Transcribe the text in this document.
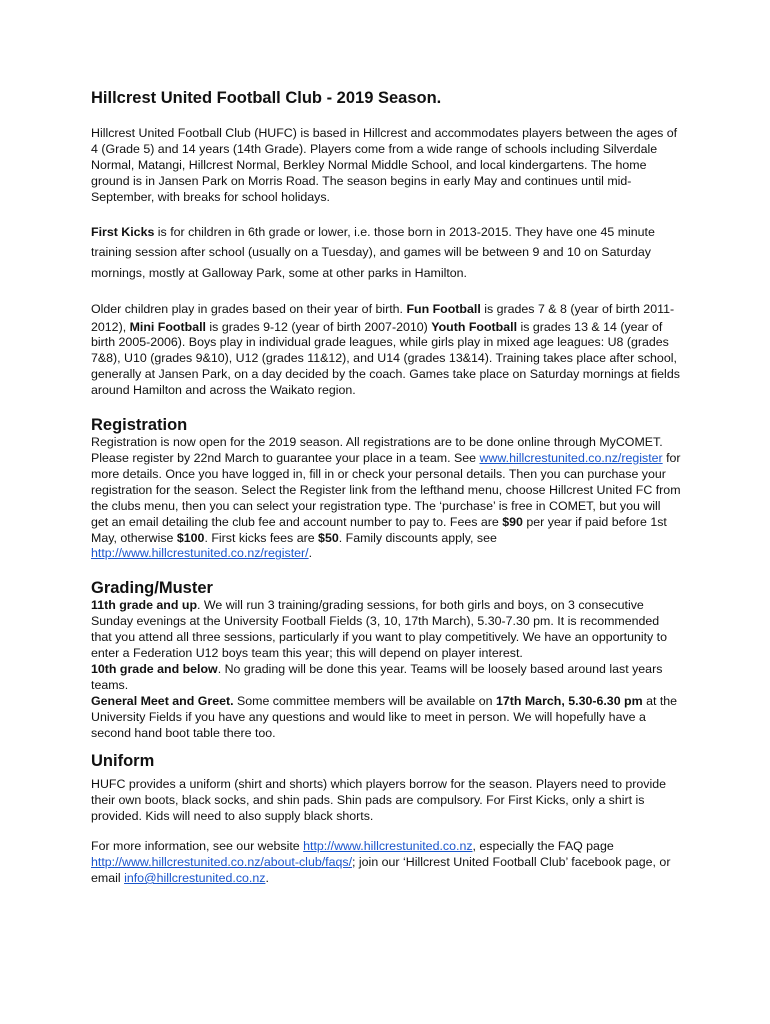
Hillcrest United Football Club - 2019 Season.

Hillcrest United Football Club (HUFC) is based in Hillcrest and accommodates players between the ages of 4 (Grade 5) and 14 years (14th Grade). Players come from a wide range of schools including Silverdale Normal, Matangi, Hillcrest Normal, Berkley Normal Middle School, and local kindergartens. The home ground is in Jansen Park on Morris Road. The season begins in early May and continues until mid-September, with breaks for school holidays.

First Kicks is for children in 6th grade or lower, i.e. those born in 2013-2015. They have one 45 minute training session after school (usually on a Tuesday), and games will be between 9 and 10 on Saturday mornings, mostly at Galloway Park, some at other parks in Hamilton.

Older children play in grades based on their year of birth. Fun Football is grades 7 & 8 (year of birth 2011-2012), Mini Football is grades 9-12 (year of birth 2007-2010) Youth Football is grades 13 & 14 (year of birth 2005-2006). Boys play in individual grade leagues, while girls play in mixed age leagues: U8 (grades 7&8), U10 (grades 9&10), U12 (grades 11&12), and U14 (grades 13&14). Training takes place after school, generally at Jansen Park, on a day decided by the coach. Games take place on Saturday mornings at fields around Hamilton and across the Waikato region.

Registration

Registration is now open for the 2019 season. All registrations are to be done online through MyCOMET. Please register by 22nd March to guarantee your place in a team. See www.hillcrestunited.co.nz/register for more details. Once you have logged in, fill in or check your personal details. Then you can purchase your registration for the season. Select the Register link from the lefthand menu, choose Hillcrest United FC from the clubs menu, then you can select your registration type. The ‘purchase’ is free in COMET, but you will get an email detailing the club fee and account number to pay to. Fees are $90 per year if paid before 1st May, otherwise $100. First kicks fees are $50. Family discounts apply, see http://www.hillcrestunited.co.nz/register/.

Grading/Muster

11th grade and up. We will run 3 training/grading sessions, for both girls and boys, on 3 consecutive Sunday evenings at the University Football Fields (3, 10, 17th March), 5.30-7.30 pm. It is recommended that you attend all three sessions, particularly if you want to play competitively. We have an opportunity to enter a Federation U12 boys team this year; this will depend on player interest.

10th grade and below. No grading will be done this year. Teams will be loosely based around last years teams.

General Meet and Greet. Some committee members will be available on 17th March, 5.30-6.30 pm at the University Fields if you have any questions and would like to meet in person. We will hopefully have a second hand boot table there too.

Uniform

HUFC provides a uniform (shirt and shorts) which players borrow for the season. Players need to provide their own boots, black socks, and shin pads. Shin pads are compulsory. For First Kicks, only a shirt is provided. Kids will need to also supply black shorts.

For more information, see our website http://www.hillcrestunited.co.nz, especially the FAQ page http://www.hillcrestunited.co.nz/about-club/faqs/; join our ‘Hillcrest United Football Club’ facebook page, or email info@hillcrestunited.co.nz.
